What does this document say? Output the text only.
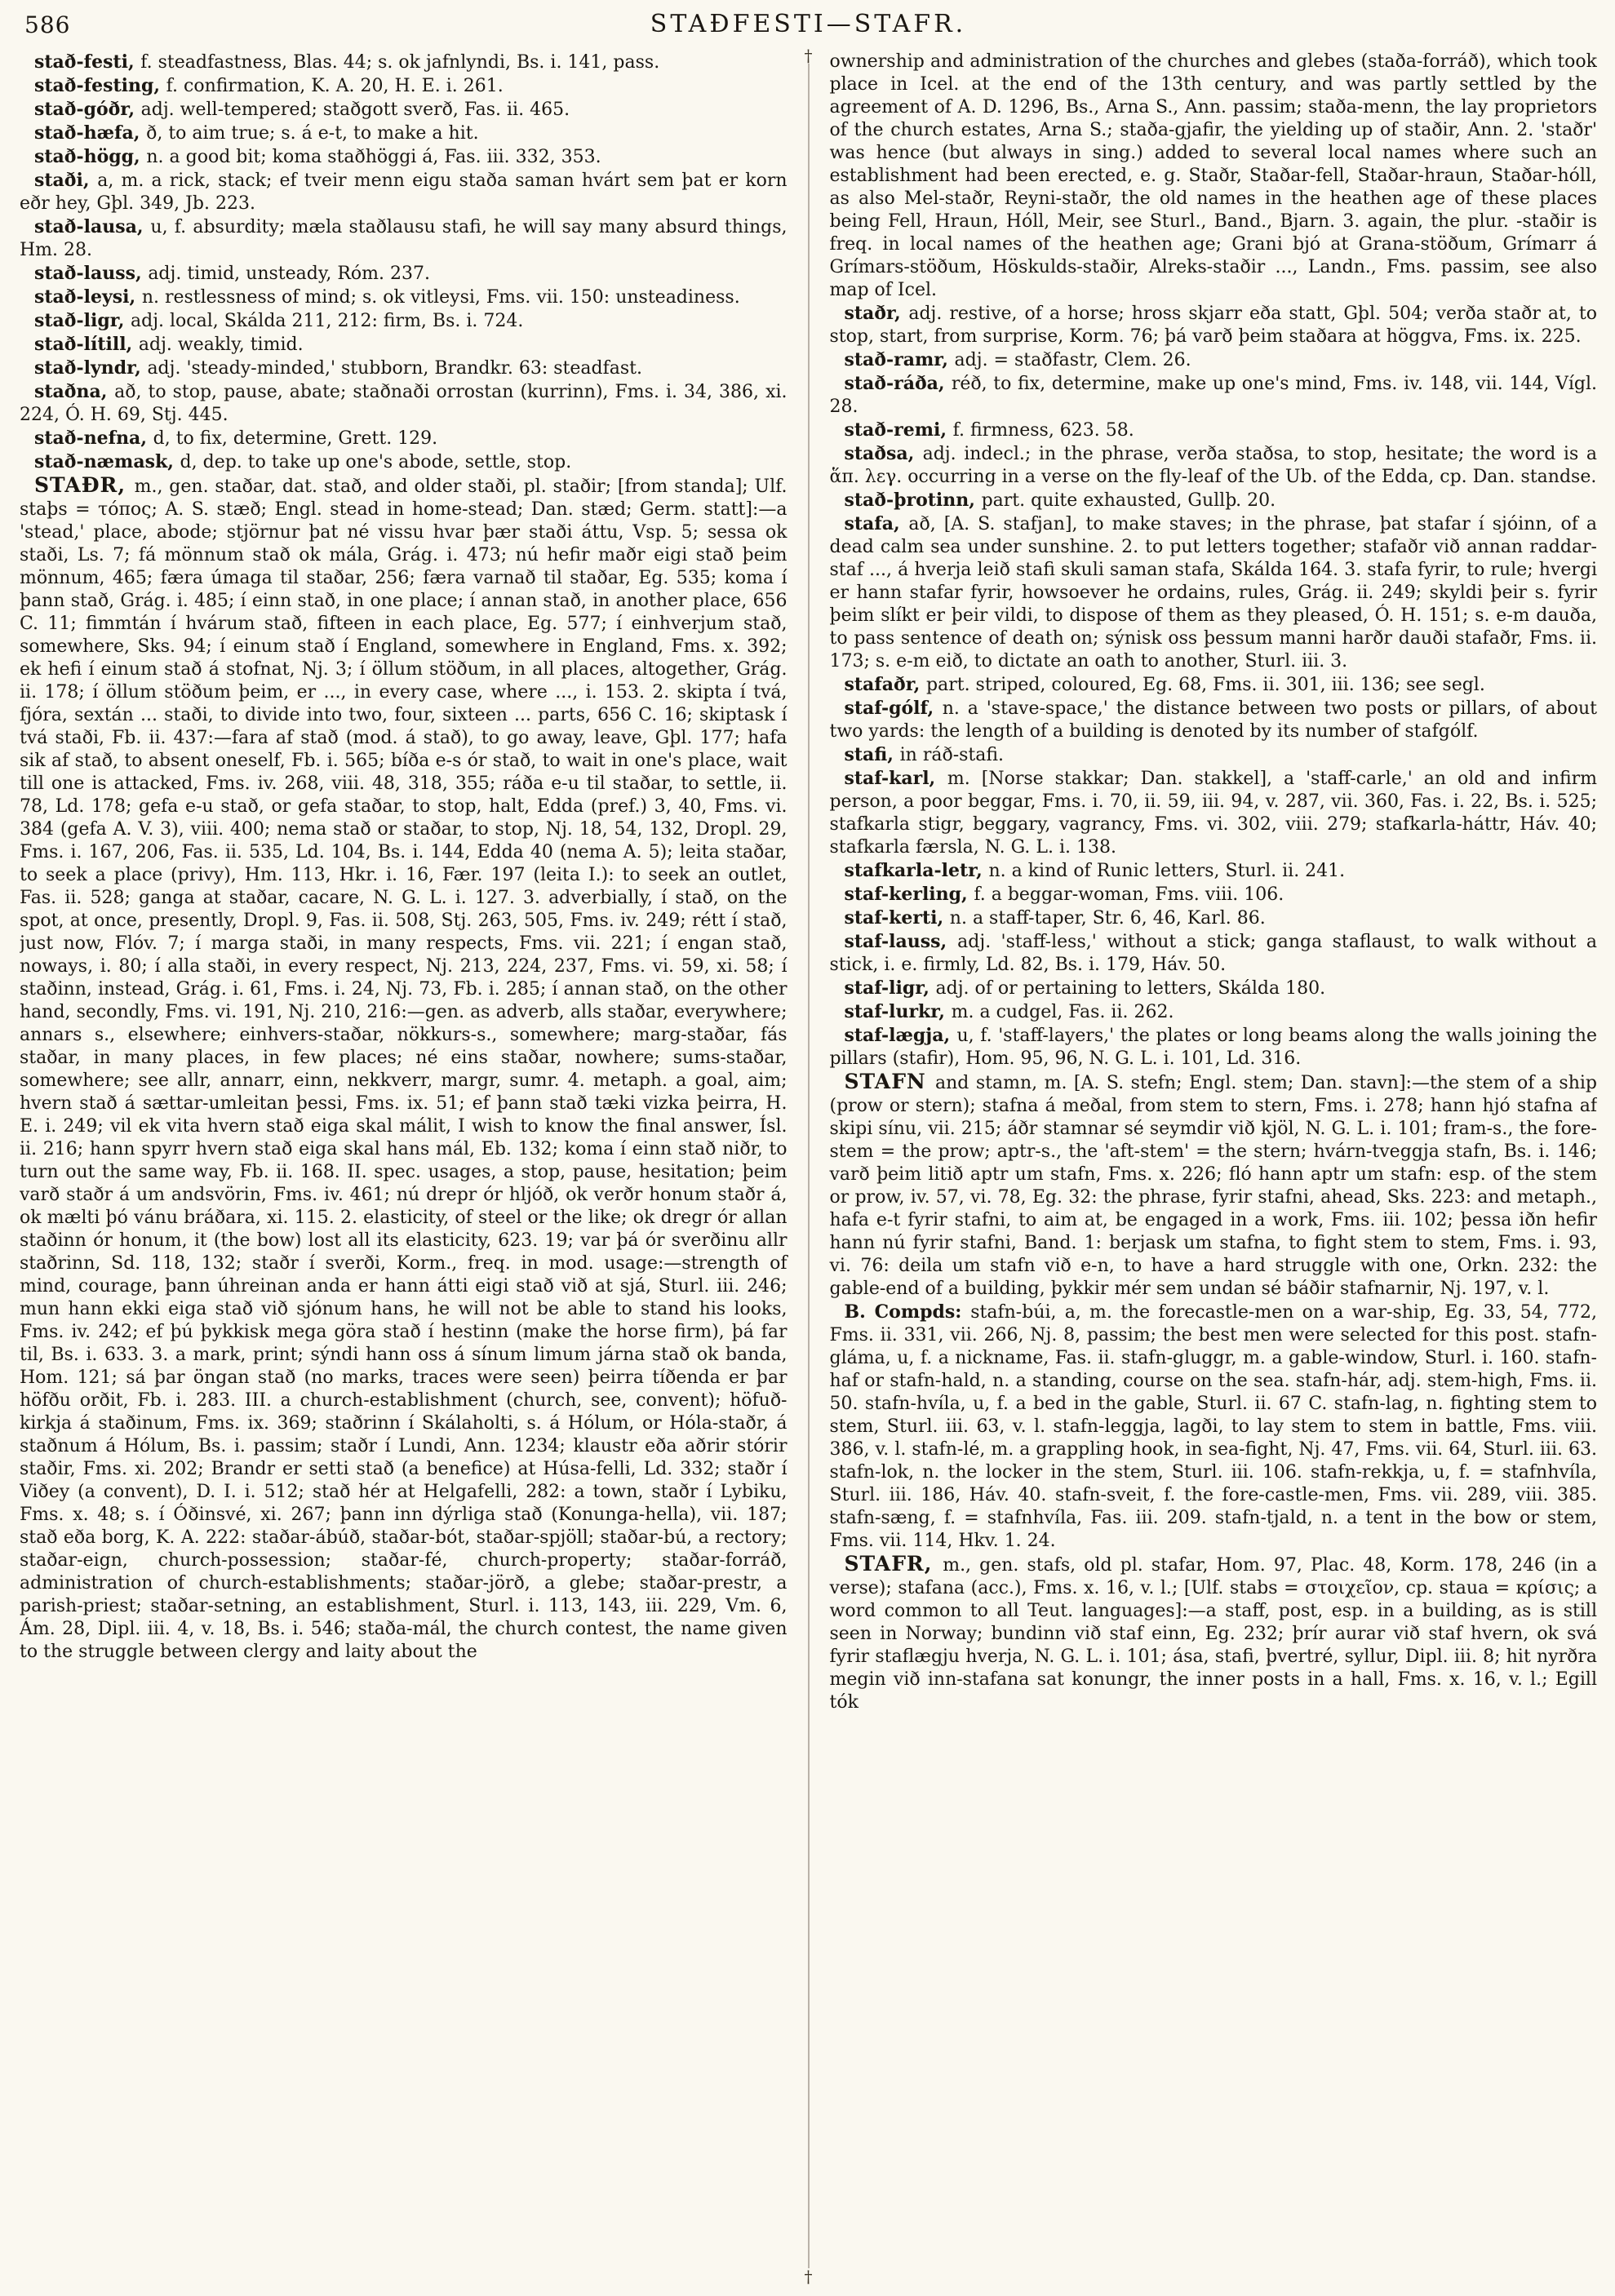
586	STAÐFESTI—STAFR.

stað-festi, f. steadfastness, Blas. 44; s. ok jafnlyndi, Bs. i. 141, pass.

stað-festing, f. confirmation, K. A. 20, H. E. i. 261.

stað-góðr, adj. well-tempered; staðgott sverð, Fas. ii. 465.

stað-hæfa, ð, to aim true; s. á e-t, to make a hit.

stað-högg, n. a good bit; koma staðhöggi á, Fas. iii. 332, 353.

staði, a, m. a rick, stack; ef tveir menn eigu staða saman hvárt sem þat er korn eðr hey, Gþl. 349, Jb. 223.

stað-lausa, u, f. absurdity; mæla staðlausu stafi, he will say many absurd things, Hm. 28.

stað-lauss, adj. timid, unsteady, Róm. 237.

stað-leysi, n. restlessness of mind; s. ok vitleysi, Fms. vii. 150: unsteadiness.

stað-ligr, adj. local, Skálda 211, 212: firm, Bs. i. 724.

stað-lítill, adj. weakly, timid.

stað-lyndr, adj. 'steady-minded,' stubborn, Brandkr. 63: steadfast.

staðna, að, to stop, pause, abate; staðnaði orrostan (kurrinn), Fms. i. 34, 386, xi. 224, Ó. H. 69, Stj. 445.

stað-nefna, d, to fix, determine, Grett. 129.

stað-næmask, d, dep. to take up one's abode, settle, stop.

STAÐR, m., gen. staðar, dat. stað, and older staði, pl. staðir; [from standa]; Ulf. staþs = τόπος; A. S. stæð; Engl. stead in home-stead; Dan. stæd; Germ. statt]:—a 'stead,' place, abode; stjörnur þat né vissu hvar þær staði áttu, Vsp. 5; sessa ok staði, Ls. 7; fá mönnum stað ok mála, Grág. i. 473; nú hefir maðr eigi stað þeim mönnum, 465; færa úmaga til staðar, 256; færa varnað til staðar, Eg. 535; koma í þann stað, Grág. i. 485; í einn stað, in one place; í annan stað, in another place, 656 C. 11; fimmtán í hvárum stað, fifteen in each place, Eg. 577; í einhverjum stað, somewhere, Sks. 94; í einum stað í England, somewhere in England, Fms. x. 392; ek hefi í einum stað á stofnat, Nj. 3; í öllum stöðum, in all places, altogether, Grág. ii. 178; í öllum stöðum þeim, er ..., in every case, where ..., i. 153. 2. skipta í tvá, fjóra, sextán ... staði, to divide into two, four, sixteen ... parts, 656 C. 16; skiptask í tvá staði, Fb. ii. 437:—fara af stað (mod. á stað), to go away, leave, Gþl. 177; hafa sik af stað, to absent oneself, Fb. i. 565; bíða e-s ór stað, to wait in one's place, wait till one is attacked, Fms. iv. 268, viii. 48, 318, 355; ráða e-u til staðar, to settle, ii. 78, Ld. 178; gefa e-u stað, or gefa staðar, to stop, halt, Edda (pref.) 3, 40, Fms. vi. 384 (gefa A. V. 3), viii. 400; nema stað or staðar, to stop, Nj. 18, 54, 132, Dropl. 29, Fms. i. 167, 206, Fas. ii. 535, Ld. 104, Bs. i. 144, Edda 40 (nema A. 5); leita staðar, to seek a place (privy), Hm. 113, Hkr. i. 16, Fær. 197 (leita I.): to seek an outlet, Fas. ii. 528; ganga at staðar, cacare, N. G. L. i. 127. 3. adverbially, í stað, on the spot, at once, presently, Dropl. 9, Fas. ii. 508, Stj. 263, 505, Fms. iv. 249; rétt í stað, just now, Flóv. 7; í marga staði, in many respects, Fms. vii. 221; í engan stað, noways, i. 80; í alla staði, in every respect, Nj. 213, 224, 237, Fms. vi. 59, xi. 58; í staðinn, instead, Grág. i. 61, Fms. i. 24, Nj. 73, Fb. i. 285; í annan stað, on the other hand, secondly, Fms. vi. 191, Nj. 210, 216:—gen. as adverb, alls staðar, everywhere; annars s., elsewhere; einhvers-staðar, nökkurs-s., somewhere; marg-staðar, fás staðar, in many places, in few places; né eins staðar, nowhere; sums-staðar, somewhere; see allr, annarr, einn, nekkverr, margr, sumr. 4. metaph. a goal, aim; hvern stað á sættar-umleitan þessi, Fms. ix. 51; ef þann stað tæki vizka þeirra, H. E. i. 249; vil ek vita hvern stað eiga skal málit, I wish to know the final answer, Ísl. ii. 216; hann spyrr hvern stað eiga skal hans mál, Eb. 132; koma í einn stað niðr, to turn out the same way, Fb. ii. 168. II. spec. usages, a stop, pause, hesitation; þeim varð staðr á um andsvörin, Fms. iv. 461; nú drepr ór hljóð, ok verðr honum staðr á, ok mælti þó vánu bráðara, xi. 115. 2. elasticity, of steel or the like; ok dregr ór allan staðinn ór honum, it (the bow) lost all its elasticity, 623. 19; var þá ór sverðinu allr staðrinn, Sd. 118, 132; staðr í sverði, Korm., freq. in mod. usage:—strength of mind, courage, þann úhreinan anda er hann átti eigi stað við at sjá, Sturl. iii. 246; mun hann ekki eiga stað við sjónum hans, he will not be able to stand his looks, Fms. iv. 242; ef þú þykkisk mega göra stað í hestinn (make the horse firm), þá far til, Bs. i. 633. 3. a mark, print; sýndi hann oss á sínum limum járna stað ok banda, Hom. 121; sá þar öngan stað (no marks, traces were seen) þeirra tíðenda er þar höfðu orðit, Fb. i. 283. III. a church-establishment (church, see, convent); höfuð-kirkja á staðinum, Fms. ix. 369; staðrinn í Skálaholti, s. á Hólum, or Hóla-staðr, á staðnum á Hólum, Bs. i. passim; staðr í Lundi, Ann. 1234; klaustr eða aðrir stórir staðir, Fms. xi. 202; Brandr er setti stað (a benefice) at Húsa-felli, Ld. 332; staðr í Viðey (a convent), D. I. i. 512; stað hér at Helgafelli, 282: a town, staðr í Lybiku, Fms. x. 48; s. í Óðinsvé, xi. 267; þann inn dýrliga stað (Konunga-hella), vii. 187; stað eða borg, K. A. 222: staðar-ábúð, staðar-bót, staðar-spjöll; staðar-bú, a rectory; staðar-eign, church-possession; staðar-fé, church-property; staðar-forráð, administration of church-establishments; staðar-jörð, a glebe; staðar-prestr, a parish-priest; staðar-setning, an establishment, Sturl. i. 113, 143, iii. 229, Vm. 6, Ám. 28, Dipl. iii. 4, v. 18, Bs. i. 546; staða-mál, the church contest, the name given to the struggle between clergy and laity about the

†
†

ownership and administration of the churches and glebes (staða-forráð), which took place in Icel. at the end of the 13th century, and was partly settled by the agreement of A. D. 1296, Bs., Arna S., Ann. passim; staða-menn, the lay proprietors of the church estates, Arna S.; staða-gjafir, the yielding up of staðir, Ann. 2. 'staðr' was hence (but always in sing.) added to several local names where such an establishment had been erected, e. g. Staðr, Staðar-fell, Staðar-hraun, Staðar-hóll, as also Mel-staðr, Reyni-staðr, the old names in the heathen age of these places being Fell, Hraun, Hóll, Meir, see Sturl., Band., Bjarn. 3. again, the plur. -staðir is freq. in local names of the heathen age; Grani bjó at Grana-stöðum, Grímarr á Grímars-stöðum, Höskulds-staðir, Alreks-staðir ..., Landn., Fms. passim, see also map of Icel.

staðr, adj. restive, of a horse; hross skjarr eða statt, Gþl. 504; verða staðr at, to stop, start, from surprise, Korm. 76; þá varð þeim staðara at höggva, Fms. ix. 225.

stað-ramr, adj. = staðfastr, Clem. 26.

stað-ráða, réð, to fix, determine, make up one's mind, Fms. iv. 148, vii. 144, Vígl. 28.

stað-remi, f. firmness, 623. 58.

staðsa, adj. indecl.; in the phrase, verða staðsa, to stop, hesitate; the word is a ἅπ. λεγ. occurring in a verse on the fly-leaf of the Ub. of the Edda, cp. Dan. standse.

stað-þrotinn, part. quite exhausted, Gullþ. 20.

stafa, að, [A. S. stafjan], to make staves; in the phrase, þat stafar í sjóinn, of a dead calm sea under sunshine. 2. to put letters together; stafaðr við annan raddar-staf ..., á hverja leið stafi skuli saman stafa, Skálda 164. 3. stafa fyrir, to rule; hvergi er hann stafar fyrir, howsoever he ordains, rules, Grág. ii. 249; skyldi þeir s. fyrir þeim slíkt er þeir vildi, to dispose of them as they pleased, Ó. H. 151; s. e-m dauða, to pass sentence of death on; sýnisk oss þessum manni harðr dauði stafaðr, Fms. ii. 173; s. e-m eið, to dictate an oath to another, Sturl. iii. 3.

stafaðr, part. striped, coloured, Eg. 68, Fms. ii. 301, iii. 136; see segl.

staf-gólf, n. a 'stave-space,' the distance between two posts or pillars, of about two yards: the length of a building is denoted by its number of stafgólf.

stafi, in ráð-stafi.

staf-karl, m. [Norse stakkar; Dan. stakkel], a 'staff-carle,' an old and infirm person, a poor beggar, Fms. i. 70, ii. 59, iii. 94, v. 287, vii. 360, Fas. i. 22, Bs. i. 525; stafkarla stigr, beggary, vagrancy, Fms. vi. 302, viii. 279; stafkarla-háttr, Háv. 40; stafkarla færsla, N. G. L. i. 138.

stafkarla-letr, n. a kind of Runic letters, Sturl. ii. 241.

staf-kerling, f. a beggar-woman, Fms. viii. 106.

staf-kerti, n. a staff-taper, Str. 6, 46, Karl. 86.

staf-lauss, adj. 'staff-less,' without a stick; ganga staflaust, to walk without a stick, i. e. firmly, Ld. 82, Bs. i. 179, Háv. 50.

staf-ligr, adj. of or pertaining to letters, Skálda 180.

staf-lurkr, m. a cudgel, Fas. ii. 262.

staf-lægja, u, f. 'staff-layers,' the plates or long beams along the walls joining the pillars (stafir), Hom. 95, 96, N. G. L. i. 101, Ld. 316.

STAFN and stamn, m. [A. S. stefn; Engl. stem; Dan. stavn]:—the stem of a ship (prow or stern); stafna á meðal, from stem to stern, Fms. i. 278; hann hjó stafna af skipi sínu, vii. 215; áðr stamnar sé seymdir við kjöl, N. G. L. i. 101; fram-s., the fore-stem = the prow; aptr-s., the 'aft-stem' = the stern; hvárn-tveggja stafn, Bs. i. 146; varð þeim litið aptr um stafn, Fms. x. 226; fló hann aptr um stafn: esp. of the stem or prow, iv. 57, vi. 78, Eg. 32: the phrase, fyrir stafni, ahead, Sks. 223: and metaph., hafa e-t fyrir stafni, to aim at, be engaged in a work, Fms. iii. 102; þessa iðn hefir hann nú fyrir stafni, Band. 1: berjask um stafna, to fight stem to stem, Fms. i. 93, vi. 76: deila um stafn við e-n, to have a hard struggle with one, Orkn. 232: the gable-end of a building, þykkir mér sem undan sé báðir stafnarnir, Nj. 197, v. l.

B. Compds: stafn-búi, a, m. the forecastle-men on a war-ship, Eg. 33, 54, 772, Fms. ii. 331, vii. 266, Nj. 8, passim; the best men were selected for this post. stafn-gláma, u, f. a nickname, Fas. ii. stafn-gluggr, m. a gable-window, Sturl. i. 160. stafn-haf or stafn-hald, n. a standing, course on the sea. stafn-hár, adj. stem-high, Fms. ii. 50. stafn-hvíla, u, f. a bed in the gable, Sturl. ii. 67 C. stafn-lag, n. fighting stem to stem, Sturl. iii. 63, v. l. stafn-leggja, lagði, to lay stem to stem in battle, Fms. viii. 386, v. l. stafn-lé, m. a grappling hook, in sea-fight, Nj. 47, Fms. vii. 64, Sturl. iii. 63. stafn-lok, n. the locker in the stem, Sturl. iii. 106. stafn-rekkja, u, f. = stafnhvíla, Sturl. iii. 186, Háv. 40. stafn-sveit, f. the fore-castle-men, Fms. vii. 289, viii. 385. stafn-sæng, f. = stafnhvíla, Fas. iii. 209. stafn-tjald, n. a tent in the bow or stem, Fms. vii. 114, Hkv. 1. 24.

STAFR, m., gen. stafs, old pl. stafar, Hom. 97, Plac. 48, Korm. 178, 246 (in a verse); stafana (acc.), Fms. x. 16, v. l.; [Ulf. stabs = στοιχεῖον, cp. staua = κρίσις; a word common to all Teut. languages]:—a staff, post, esp. in a building, as is still seen in Norway; bundinn við staf einn, Eg. 232; þrír aurar við staf hvern, ok svá fyrir staflægju hverja, N. G. L. i. 101; ása, stafi, þvertré, syllur, Dipl. iii. 8; hit nyrðra megin við inn-stafana sat konungr, the inner posts in a hall, Fms. x. 16, v. l.; Egill tók
